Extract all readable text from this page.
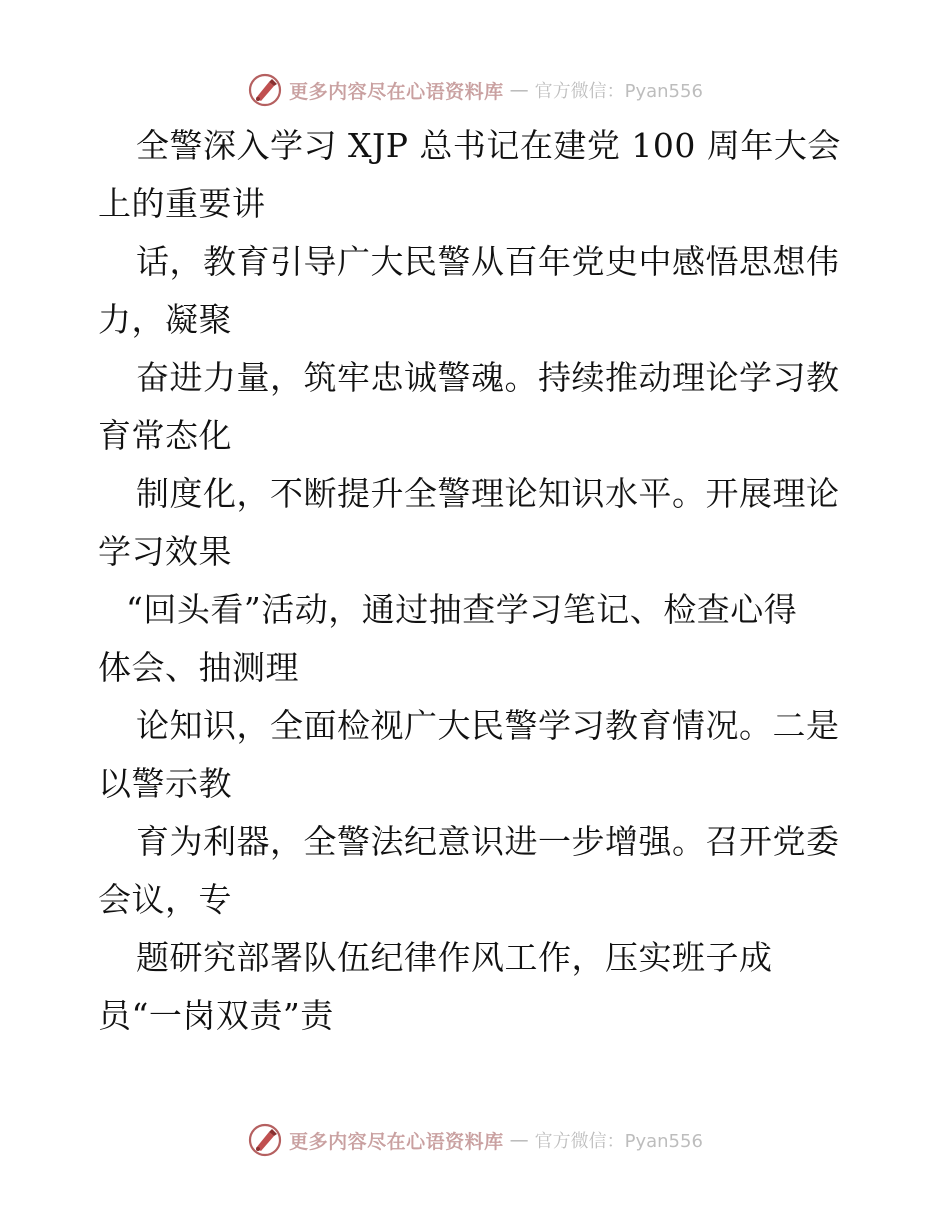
更多内容尽在心语资料库 — 官方微信：Pyan556
全警深入学习 XJP 总书记在建党 100 周年大会
上的重要讲
话，教育引导广大民警从百年党史中感悟思想伟
力，凝聚
奋进力量，筑牢忠诚警魂。持续推动理论学习教
育常态化
制度化，不断提升全警理论知识水平。开展理论
学习效果
“回头看”活动，通过抽查学习笔记、检查心得
体会、抽测理
论知识，全面检视广大民警学习教育情况。二是
以警示教
育为利器，全警法纪意识进一步增强。召开党委
会议，专
题研究部署队伍纪律作风工作，压实班子成
员“一岗双责”责
更多内容尽在心语资料库 — 官方微信：Pyan556
